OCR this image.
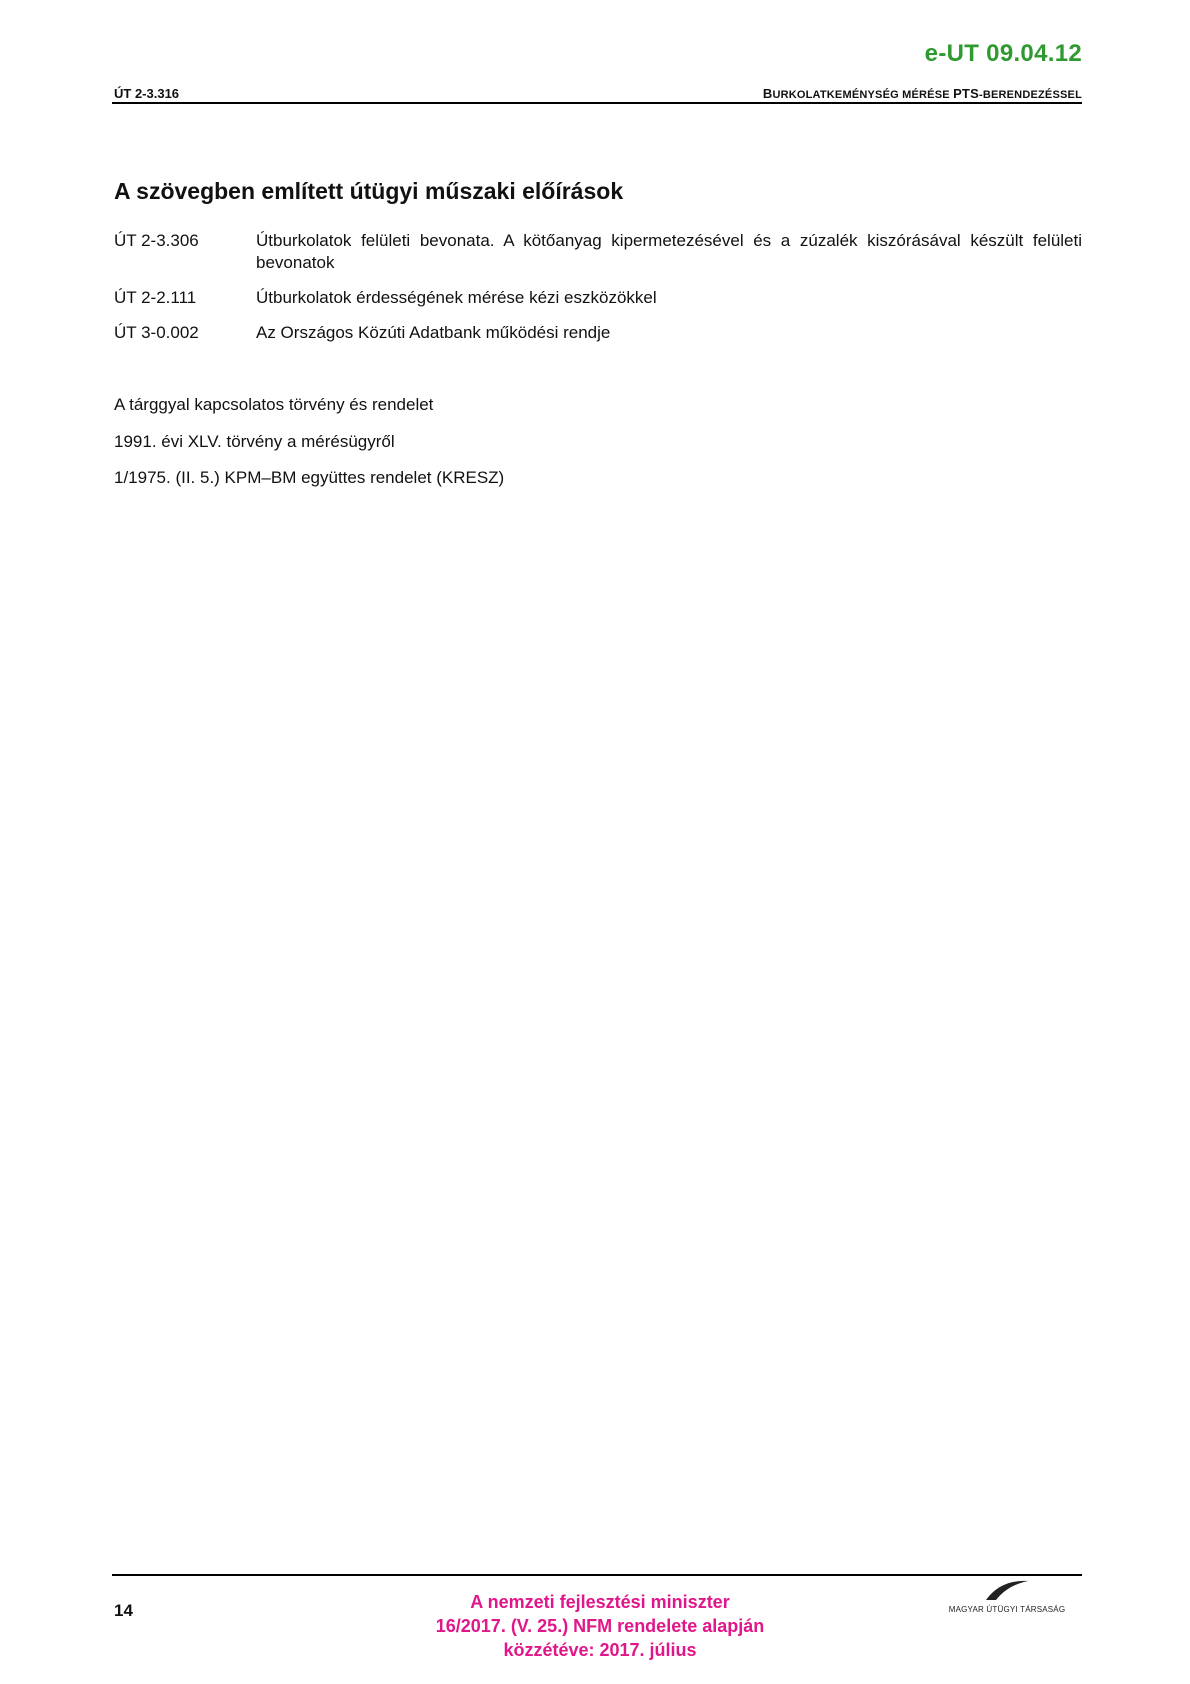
e-UT 09.04.12
ÚT 2-3.316	BURKOLATKEMÉNYSÉG MÉRÉSE PTS-BERENDEZÉSSEL
A szövegben említett útügyi műszaki előírások
ÚT 2-3.306	Útburkolatok felületi bevonata. A kötőanyag kipermetezésével és a zúzalék kiszórásával készült felületi bevonatok
ÚT 2-2.111	Útburkolatok érdességének mérése kézi eszközökkel
ÚT 3-0.002	Az Országos Közúti Adatbank működési rendje
A tárggyal kapcsolatos törvény és rendelet
1991. évi XLV. törvény a mérésügyről
1/1975. (II. 5.) KPM–BM együttes rendelet (KRESZ)
14	A nemzeti fejlesztési miniszter
16/2017. (V. 25.) NFM rendelete alapján
közzétéve: 2017. július
MAGYAR ÚTÜGYI TÁRSASÁG
